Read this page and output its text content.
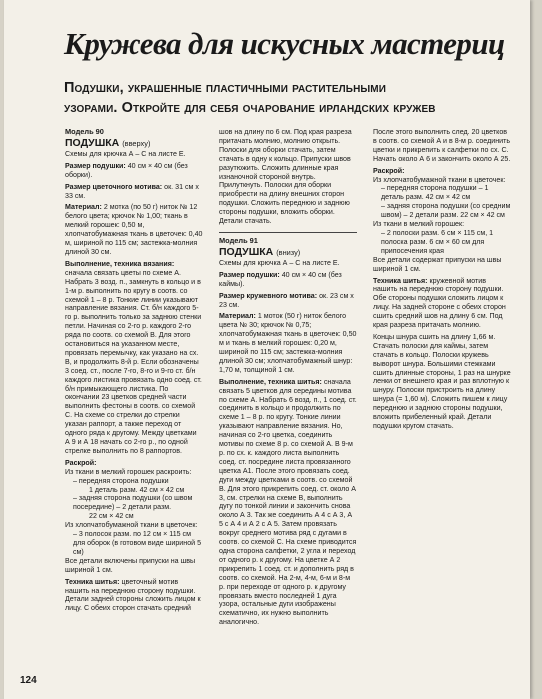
Кружева для искусных мастериц
Подушки, украшенные пластичными растительными
узорами. Откройте для себя очарование ирландских кружев
Модель 90
ПОДУШКА (вверху)

Схемы для крючка А – С на листе Е.

Размер подушки: 40 см × 40 см (без оборки).

Размер цветочного мотива: ок. 31 см х 33 см.

Материал: 2 мотка (по 50 г) ниток № 12 белого цвета; крючок № 1,00; ткань в мелкий горошек: 0,50 м, хлопчатобумажная ткань в цветочек: 0,40 м, шириной по 115 см; застежка-молния длиной 30 см.

Выполнение, техника вязания: сначала связать цветы по схеме А. Набрать 3 возд. п., замкнуть в кольцо и в 1-м р. выполнить по кругу в соотв. со схемой 1 – 8 р. Тонкие линии указывают направление вязания. Ст. б/н каждого 5-го р. выполнить только за заднюю стенки петли. Начиная со 2-го р. каждого 2-го ряда по соотв. со схемой В. Для этого остановиться на указанном месте, провязать перемычку, как указано на сх. В, и продолжить 8-й р. Если обозначены 3 соед. ст., после 7-го, 8-го и 9-го ст. б/н каждого листика провязать одно соед. ст. б/н примыкающего листика. По окончании 23 цветков средней части выполнить фестоны в соотв. со схемой С. На схеме со стрелки до стрелки указан раппорт, а также переход от одного ряда к другому. Между цветками А 9 и А 18 начать со 2-го р., по одной стрелке выполнить по 8 раппортов.

Раскрой:
Из ткани в мелкий горошек раскроить:
– передняя сторона подушки
1 деталь разм. 42 см × 42 см
– задняя сторона подушки (со швом посередине) – 2 детали разм.
22 см × 42 см
Из хлопчатобумажной ткани в цветочек:
– 3 полосок разм. по 12 см × 115 см для оборок (в готовом виде шириной 5 см)

Все детали включены припуски на швы шириной 1 см.

Техника шитья: цветочный мотив нашить на переднюю сторону подушки. Детали задней стороны сложить лицом к лицу. С обеих сторон стачать средний

шов на длину по 6 см. Под края разреза притачать молнию, молнию открыть. Полоски для оборки стачать, затем стачать в одну к кольцо. Припуски швов разутюжить. Сложить длинные края изнаночной стороной внутрь. Прилуткнуть. Полоски для оборки приобрести на длину внешних сторон подушки. Сложить переднюю и заднюю стороны подушки, вложить оборки. Детали стачать.

Модель 91
ПОДУШКА (внизу)

Схемы для крючка А – С на листе Е.

Размер подушки: 40 см × 40 см (без каймы).

Размер кружевного мотива: ок. 23 см х 23 см.

Материал: 1 моток (50 г) ниток белого цвета № 30; крючок № 0,75; хлопчатобумажная ткань в цветочек: 0,50 м и ткань в мелкий горошек: 0,20 м, шириной по 115 см; застежка-молния длиной 30 см; хлопчатобумажный шнур: 1,70 м, толщиной 1 см.

Выполнение, техника шитья: сначала связать 5 цветков для середины мотива по схеме А. Набрать 6 возд. п., 1 соед. ст. соединить в кольцо и продолжить по схеме 1 – 8 р. по кругу. Тонкие линии указывают направление вязания. Но, начиная со 2-го цветка, соединить мотивы по схеме 8 р. со схемой А. В 9-м р. по сх. к. каждого листа выполнить соед. ст. посредине листа провязанного цветка А1. После этого провязать соед. дуги между цветками в соотв. со схемой В. Для этого прикрепить соед. ст. около А 3, см. стрелки на схеме В, выполнить дугу по тонкой линии и закончить снова около А 3. Так же соединить А 4 с А 3, А 5 с А 4 и А 2 с А 5. Затем провязать вокруг среднего мотива ряд с дугами в соотв. со схемой С. На схеме приводится одна сторона салфетки, 2 угла и переход от одного р. к другому. На цветке А 2 прикрепить 1 соед. ст. и дополнить ряд в соотв. со схемой. На 2-м, 4-м, 6-м и 8-м р. при переходе от одного р. к другому провязать вместо последней 1 дуга узора, остальные дуги изображены схематично, их нужно выполнить аналогично.

После этого выполнить след. 20 цветков в соотв. со схемой А и в 8-м р. соединить цветки и прикрепить к салфетки по сх. С. Начать около А 6 и закончить около А 25.

Раскрой:
Из хлопчатобумажной ткани в цветочек:
– передняя сторона подушки – 1 деталь разм. 42 см × 42 см
– задняя сторона подушки (со средним швом) – 2 детали разм. 22 см × 42 см
Из ткани в мелкий горошек:
– 2 полоски разм. 6 см × 115 см, 1 полоска разм. 6 см × 60 см для припосечения края

Все детали содержат припуски на швы шириной 1 см.

Техника шитья: кружевной мотив нашить на переднюю сторону подушки. Обе стороны подушки сложить лицом к лицу. На задней стороне с обеих сторон сшить средний шов на длину 6 см. Под края разреза притачать молнию.

Концы шнура сшить на длину 1,66 м. Стачать полоски для каймы, затем стачать в кольцо. Полоски кружевь выворот шнура. Большими стежками сшить длинные стороны, 1 раз на шнурке ленки от внешнего края и раз вплотную к шнуру. Полоски пристроить на длину шнура (= 1,60 м). Сложить пишем к лицу переднюю и заднюю стороны подушки, вложить прибеленный край. Детали подушки кругом стачать.

124
